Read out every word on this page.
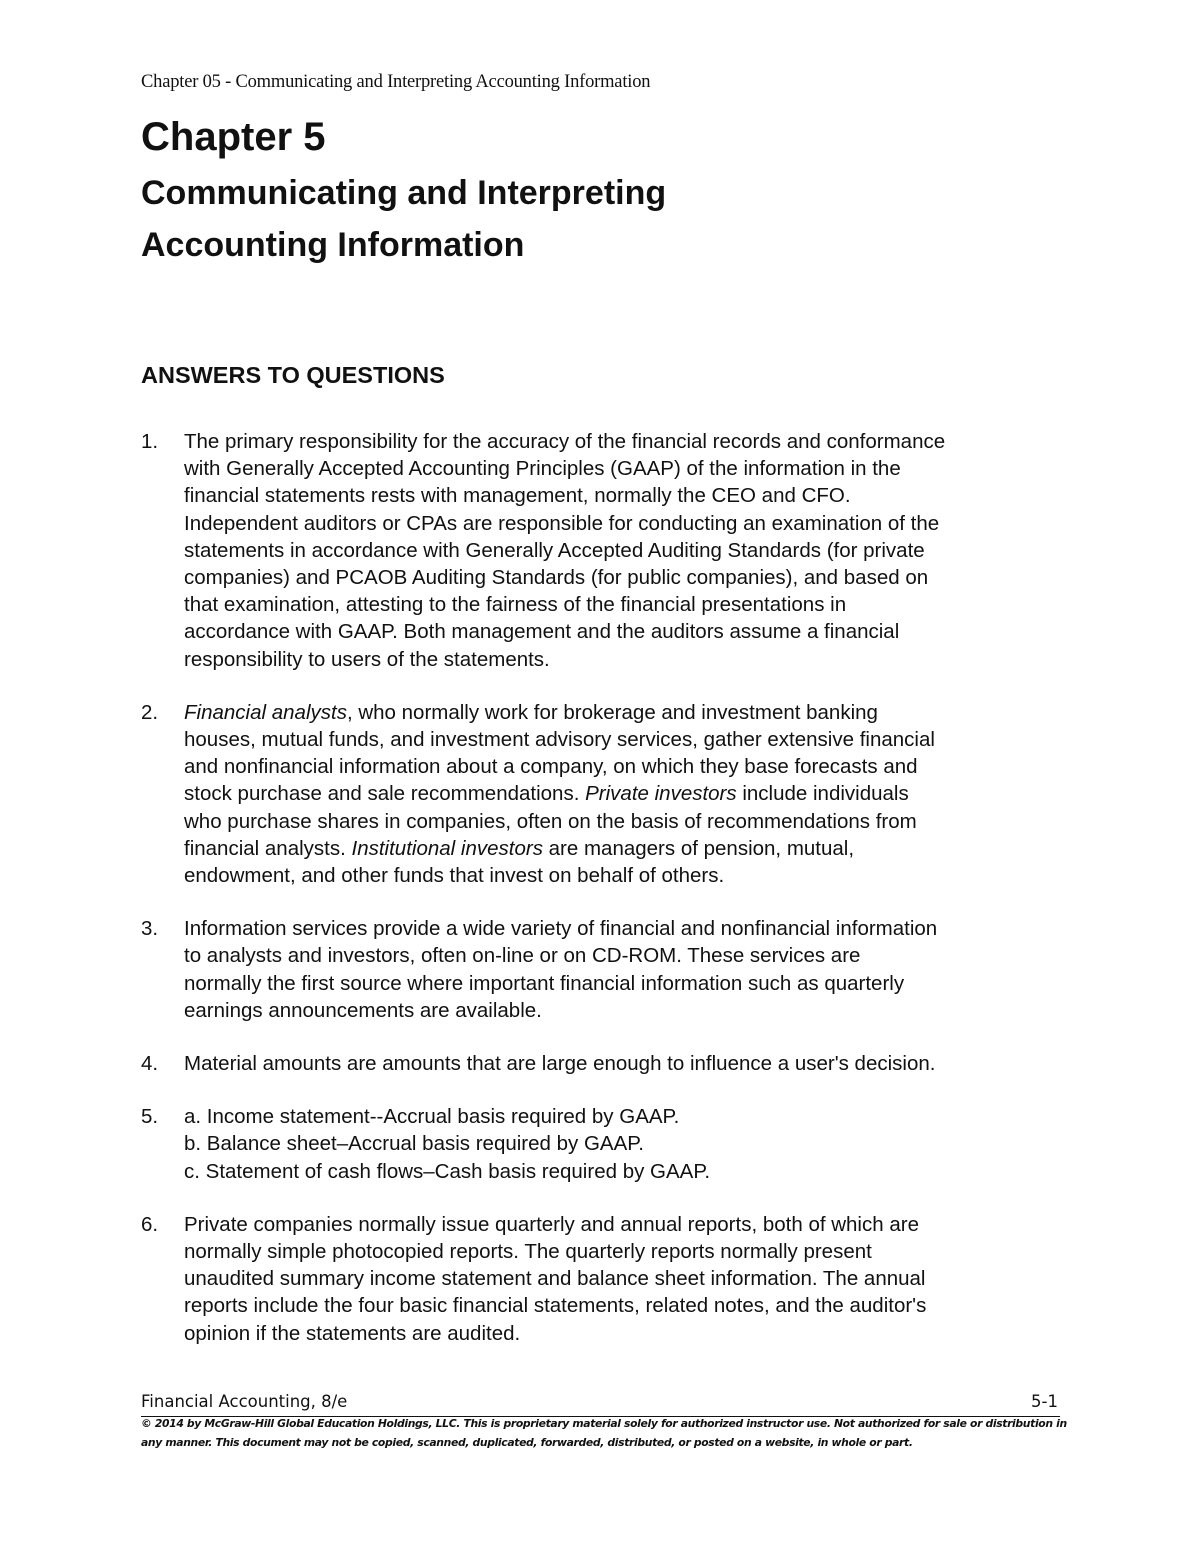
Chapter 05 - Communicating and Interpreting Accounting Information
Chapter 5
Communicating and Interpreting
Accounting Information
ANSWERS TO QUESTIONS
1. The primary responsibility for the accuracy of the financial records and conformance
with Generally Accepted Accounting Principles (GAAP) of the information in the
financial statements rests with management, normally the CEO and CFO.
Independent auditors or CPAs are responsible for conducting an examination of the
statements in accordance with Generally Accepted Auditing Standards (for private
companies) and PCAOB Auditing Standards (for public companies), and based on
that examination, attesting to the fairness of the financial presentations in
accordance with GAAP. Both management and the auditors assume a financial
responsibility to users of the statements.
2. Financial analysts, who normally work for brokerage and investment banking
houses, mutual funds, and investment advisory services, gather extensive financial
and nonfinancial information about a company, on which they base forecasts and
stock purchase and sale recommendations. Private investors include individuals
who purchase shares in companies, often on the basis of recommendations from
financial analysts. Institutional investors are managers of pension, mutual,
endowment, and other funds that invest on behalf of others.
3. Information services provide a wide variety of financial and nonfinancial information
to analysts and investors, often on-line or on CD-ROM. These services are
normally the first source where important financial information such as quarterly
earnings announcements are available.
4. Material amounts are amounts that are large enough to influence a user's decision.
5. a. Income statement--Accrual basis required by GAAP.
b. Balance sheet–Accrual basis required by GAAP.
c. Statement of cash flows–Cash basis required by GAAP.
6. Private companies normally issue quarterly and annual reports, both of which are
normally simple photocopied reports. The quarterly reports normally present
unaudited summary income statement and balance sheet information. The annual
reports include the four basic financial statements, related notes, and the auditor's
opinion if the statements are audited.
Financial Accounting, 8/e	5-1
© 2014 by McGraw-Hill Global Education Holdings, LLC. This is proprietary material solely for authorized instructor use. Not authorized for sale or distribution in
any manner. This document may not be copied, scanned, duplicated, forwarded, distributed, or posted on a website, in whole or part.
